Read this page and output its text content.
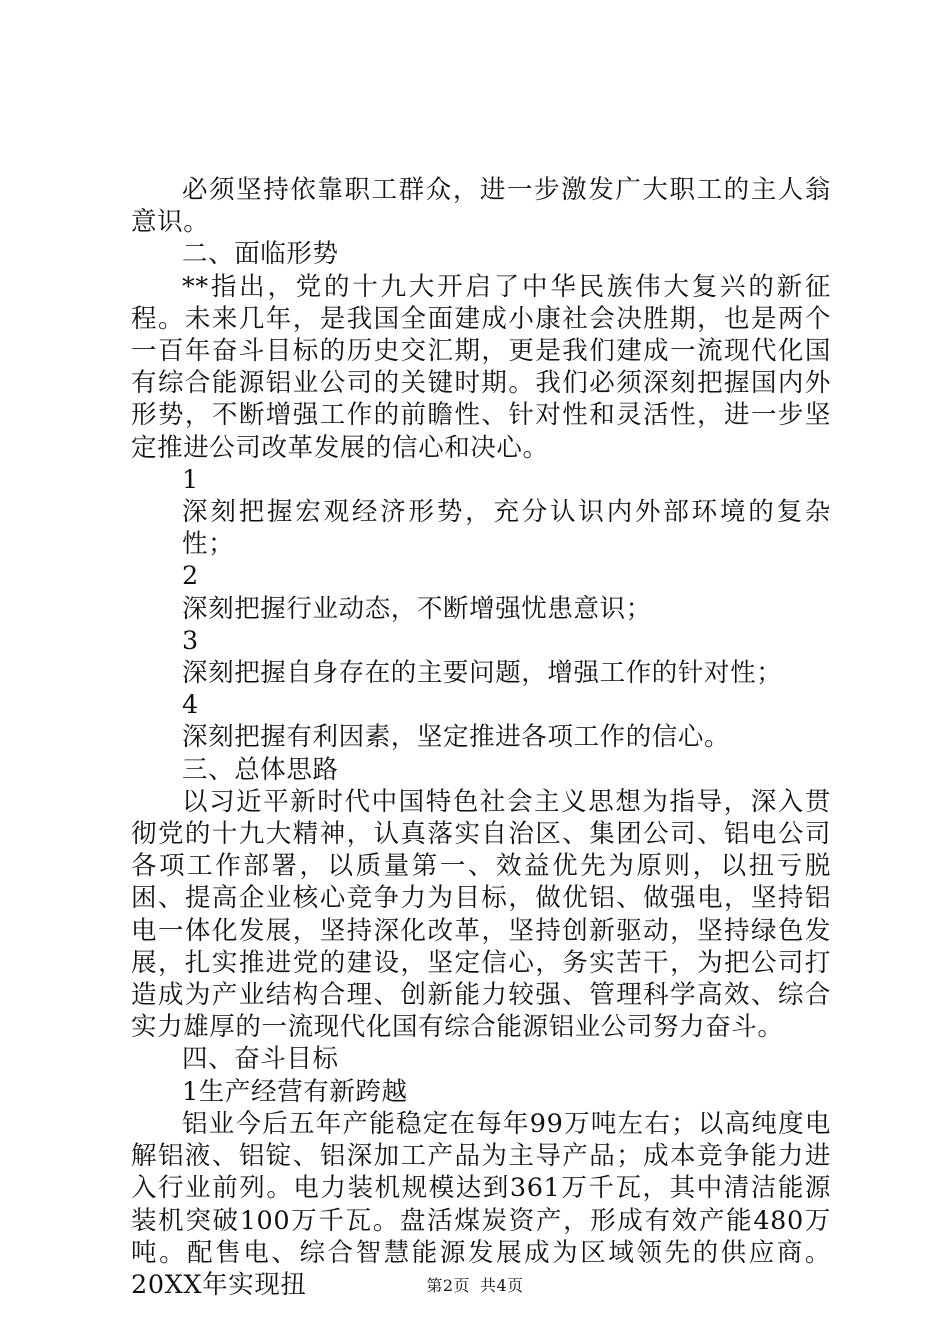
必须坚持依靠职工群众，进一步激发广大职工的主人翁意识。

二、面临形势

**指出，党的十九大开启了中华民族伟大复兴的新征程。未来几年，是我国全面建成小康社会决胜期，也是两个一百年奋斗目标的历史交汇期，更是我们建成一流现代化国有综合能源铝业公司的关键时期。我们必须深刻把握国内外形势，不断增强工作的前瞻性、针对性和灵活性，进一步坚定推进公司改革发展的信心和决心。

1

深刻把握宏观经济形势，充分认识内外部环境的复杂性；

2

深刻把握行业动态，不断增强忧患意识；

3

深刻把握自身存在的主要问题，增强工作的针对性；

4

深刻把握有利因素，坚定推进各项工作的信心。

三、总体思路

以习近平新时代中国特色社会主义思想为指导，深入贯彻党的十九大精神，认真落实自治区、集团公司、铝电公司各项工作部署，以质量第一、效益优先为原则，以扭亏脱困、提高企业核心竞争力为目标，做优铝、做强电，坚持铝电一体化发展，坚持深化改革，坚持创新驱动，坚持绿色发展，扎实推进党的建设，坚定信心，务实苦干，为把公司打造成为产业结构合理、创新能力较强、管理科学高效、综合实力雄厚的一流现代化国有综合能源铝业公司努力奋斗。

四、奋斗目标

1生产经营有新跨越

铝业今后五年产能稳定在每年99万吨左右；以高纯度电解铝液、铝锭、铝深加工产品为主导产品；成本竞争能力进入行业前列。电力装机规模达到361万千瓦，其中清洁能源装机突破100万千瓦。盘活煤炭资产，形成有效产能480万吨。配售电、综合智慧能源发展成为区域领先的供应商。20XX年实现扭	第2页 共4页
